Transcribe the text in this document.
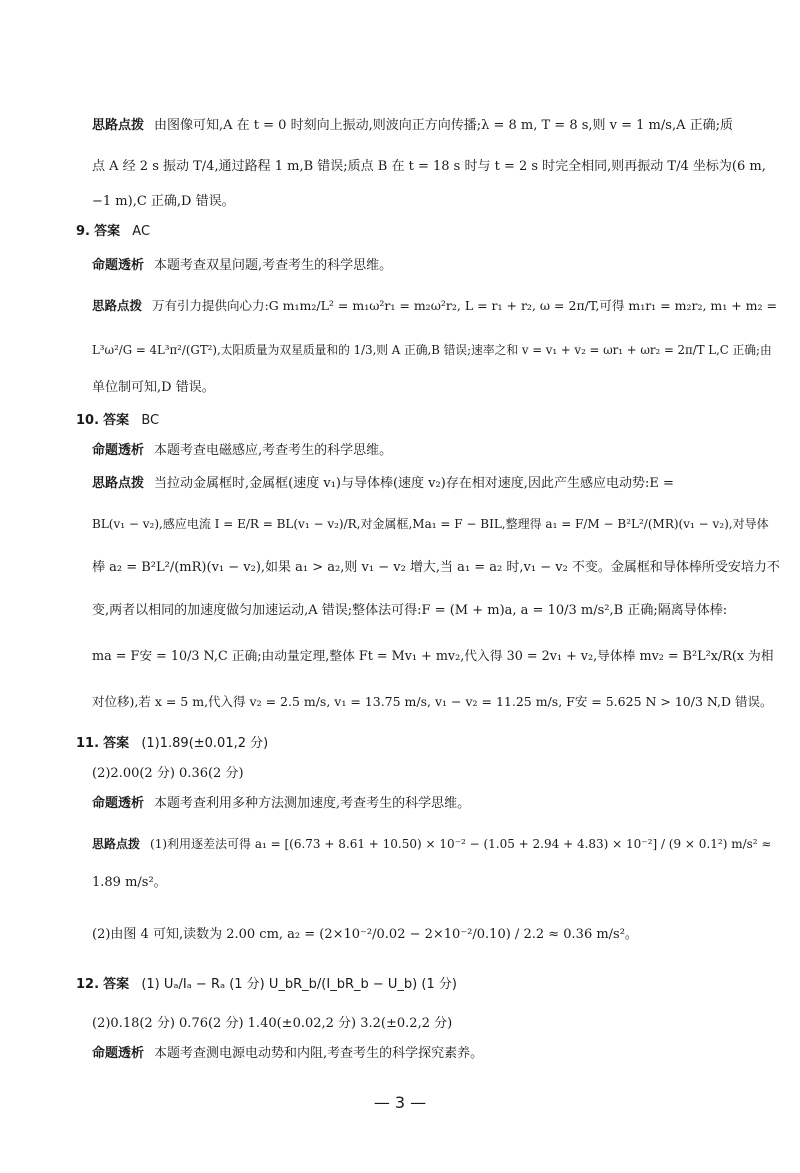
思路点拨 由图像可知,A 在 t = 0 时刻向上振动,则波向正方向传播;λ = 8 m, T = 8 s,则 v = 1 m/s,A 正确;质
点 A 经 2 s 振动 T/4,通过路程 1 m,B 错误;质点 B 在 t = 18 s 时与 t = 2 s 时完全相同,则再振动 T/4 坐标为(6 m,
−1 m),C 正确,D 错误。
9. 答案 AC
命题透析 本题考查双星问题,考查考生的科学思维。
思路点拨 万有引力提供向心力:G m₁m₂/L² = m₁ω²r₁ = m₂ω²r₂, L = r₁ + r₂, ω = 2π/T,可得 m₁r₁ = m₂r₂, m₁ + m₂ =
L³ω²/G = 4L³π²/(GT²),太阳质量为双星质量和的 1/3,则 A 正确,B 错误;速率之和 v = v₁ + v₂ = ωr₁ + ωr₂ = 2π/T L,C 正确;由
单位制可知,D 错误。
10. 答案 BC
命题透析 本题考查电磁感应,考查考生的科学思维。
思路点拨 当拉动金属框时,金属框(速度 v₁)与导体棒(速度 v₂)存在相对速度,因此产生感应电动势:E =
BL(v₁ − v₂),感应电流 I = E/R = BL(v₁ − v₂)/R,对金属框,Ma₁ = F − BIL,整理得 a₁ = F/M − B²L²/(MR)(v₁ − v₂),对导体
棒 a₂ = B²L²/(mR)(v₁ − v₂),如果 a₁ > a₂,则 v₁ − v₂ 增大,当 a₁ = a₂ 时,v₁ − v₂ 不变。金属框和导体棒所受安培力不
变,两者以相同的加速度做匀加速运动,A 错误;整体法可得:F = (M + m)a, a = 10/3 m/s²,B 正确;隔离导体棒:
ma = F安 = 10/3 N,C 正确;由动量定理,整体 Ft = Mv₁ + mv₂,代入得 30 = 2v₁ + v₂,导体棒 mv₂ = B²L²x/R(x 为相
对位移),若 x = 5 m,代入得 v₂ = 2.5 m/s, v₁ = 13.75 m/s, v₁ − v₂ = 11.25 m/s, F安 = 5.625 N > 10/3 N,D 错误。
11. 答案 (1)1.89(±0.01,2 分)
(2)2.00(2 分) 0.36(2 分)
命题透析 本题考查利用多种方法测加速度,考查考生的科学思维。
思路点拨 (1)利用逐差法可得 a₁ = [(6.73 + 8.61 + 10.50) × 10⁻² − (1.05 + 2.94 + 4.83) × 10⁻²] / (9 × 0.1²) m/s² ≈
1.89 m/s²。
(2)由图 4 可知,读数为 2.00 cm, a₂ = (2×10⁻²/0.02 − 2×10⁻²/0.10) / 2.2 ≈ 0.36 m/s²。
12. 答案 (1) Uₐ/Iₐ − Rₐ (1 分) U_bR_b/(I_bR_b − U_b) (1 分)
(2)0.18(2 分) 0.76(2 分) 1.40(±0.02,2 分) 3.2(±0.2,2 分)
命题透析 本题考查测电源电动势和内阻,考查考生的科学探究素养。
— 3 —
